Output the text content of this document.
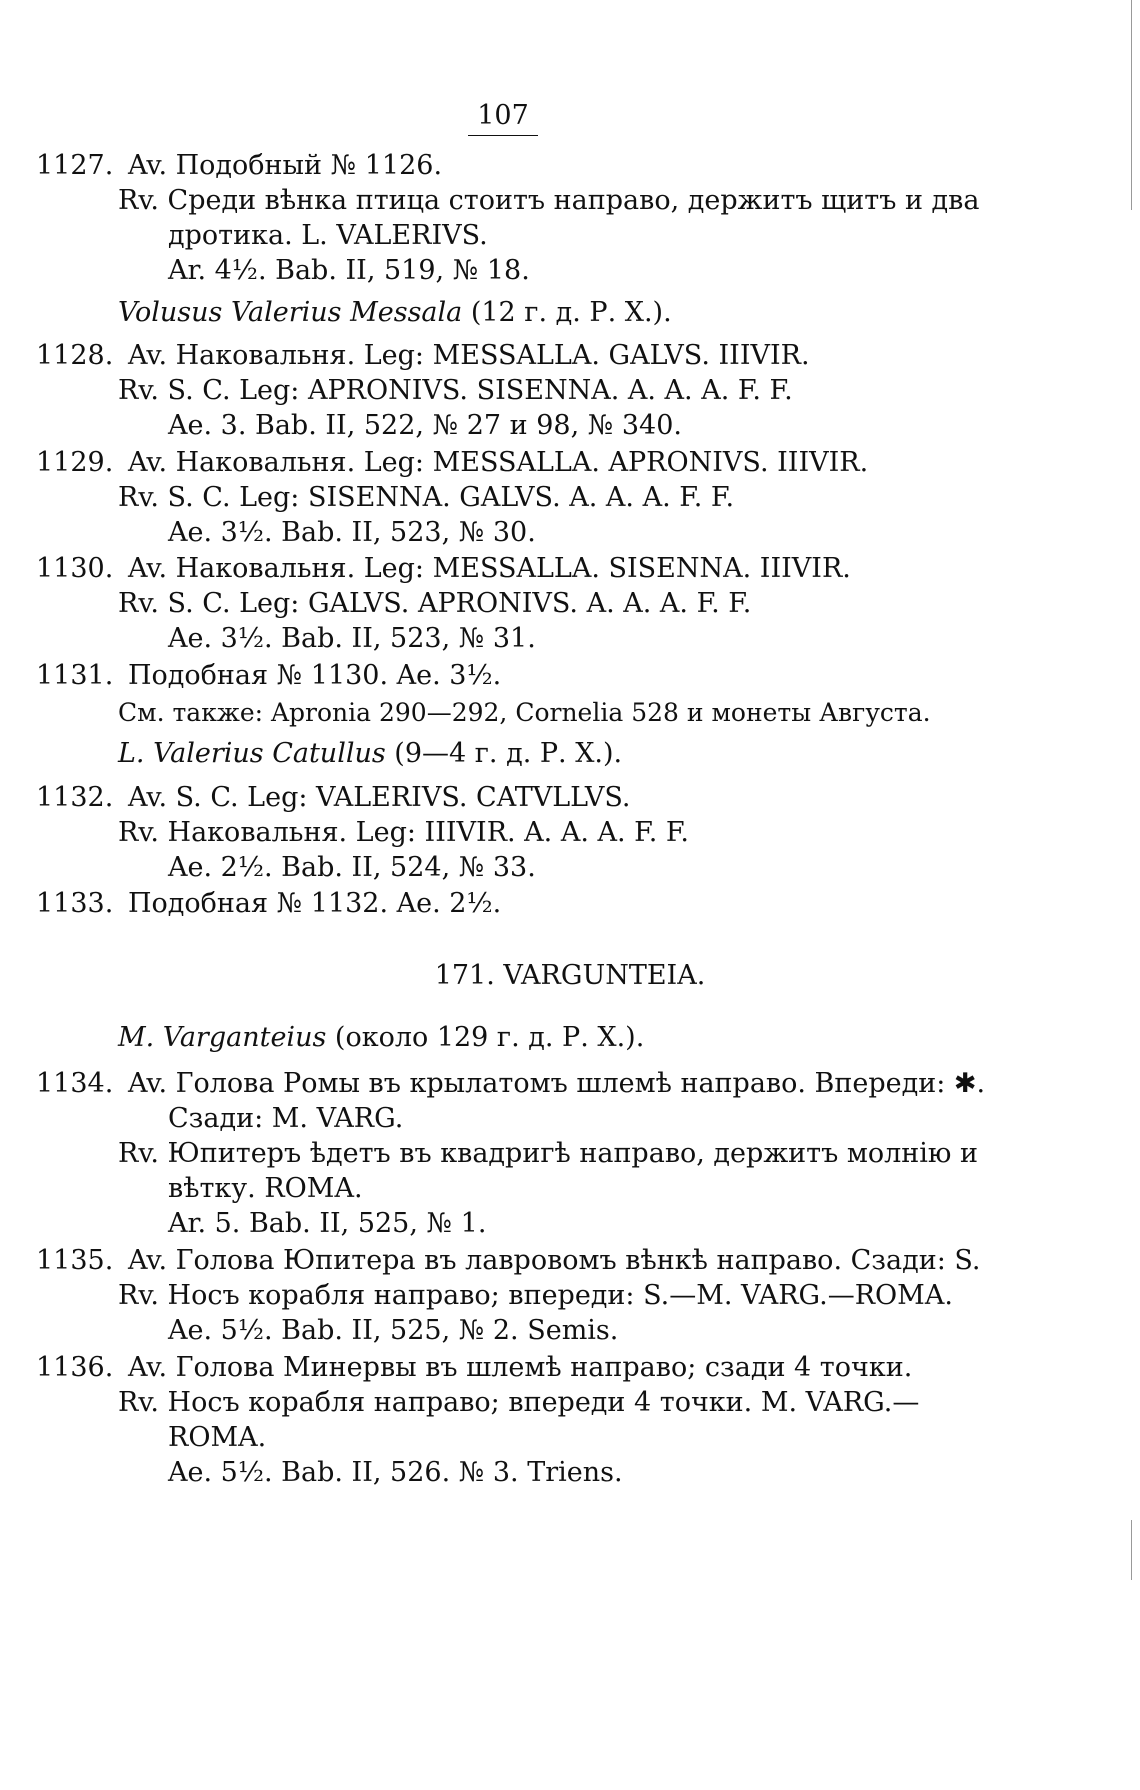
107
1127. Av. Подобный № 1126.
Rv. Среди вѣнка птица стоитъ направо, держитъ щитъ и два
дротика. L. VALERIVS.
Ar. 4½. Bab. II, 519, № 18.
Volusus Valerius Messala (12 г. д. Р. Х.).
1128. Av. Наковальня. Leg: MESSALLA. GALVS. IIIVIR.
Rv. S. C. Leg: APRONIVS. SISENNA. A. A. A. F. F.
Ae. 3. Bab. II, 522, № 27 и 98, № 340.
1129. Av. Наковальня. Leg: MESSALLA. APRONIVS. IIIVIR.
Rv. S. C. Leg: SISENNA. GALVS. A. A. A. F. F.
Ae. 3½. Bab. II, 523, № 30.
1130. Av. Наковальня. Leg: MESSALLA. SISENNA. IIIVIR.
Rv. S. C. Leg: GALVS. APRONIVS. A. A. A. F. F.
Ae. 3½. Bab. II, 523, № 31.
1131. Подобная № 1130. Ae. 3½.
См. также: Apronia 290—292, Cornelia 528 и монеты Августа.
L. Valerius Catullus (9—4 г. д. Р. Х.).
1132. Av. S. C. Leg: VALERIVS. CATVLLVS.
Rv. Наковальня. Leg: IIIVIR. A. A. A. F. F.
Ae. 2½. Bab. II, 524, № 33.
1133. Подобная № 1132. Ae. 2½.
171. VARGUNTEIA.
M. Varganteius (около 129 г. д. Р. Х.).
1134. Av. Голова Ромы въ крылатомъ шлемѣ направо. Впереди: ✱.
Сзади: M. VARG.
Rv. Юпитеръ ѣдетъ въ квадригѣ направо, держитъ молнію и
вѣтку. ROMA.
Ar. 5. Bab. II, 525, № 1.
1135. Av. Голова Юпитера въ лавровомъ вѣнкѣ направо. Сзади: S.
Rv. Носъ корабля направо; впереди: S.—M. VARG.—ROMA.
Ae. 5½. Bab. II, 525, № 2. Semis.
1136. Av. Голова Минервы въ шлемѣ направо; сзади 4 точки.
Rv. Носъ корабля направо; впереди 4 точки. M. VARG.—
ROMA.
Ae. 5½. Bab. II, 526. № 3. Triens.
